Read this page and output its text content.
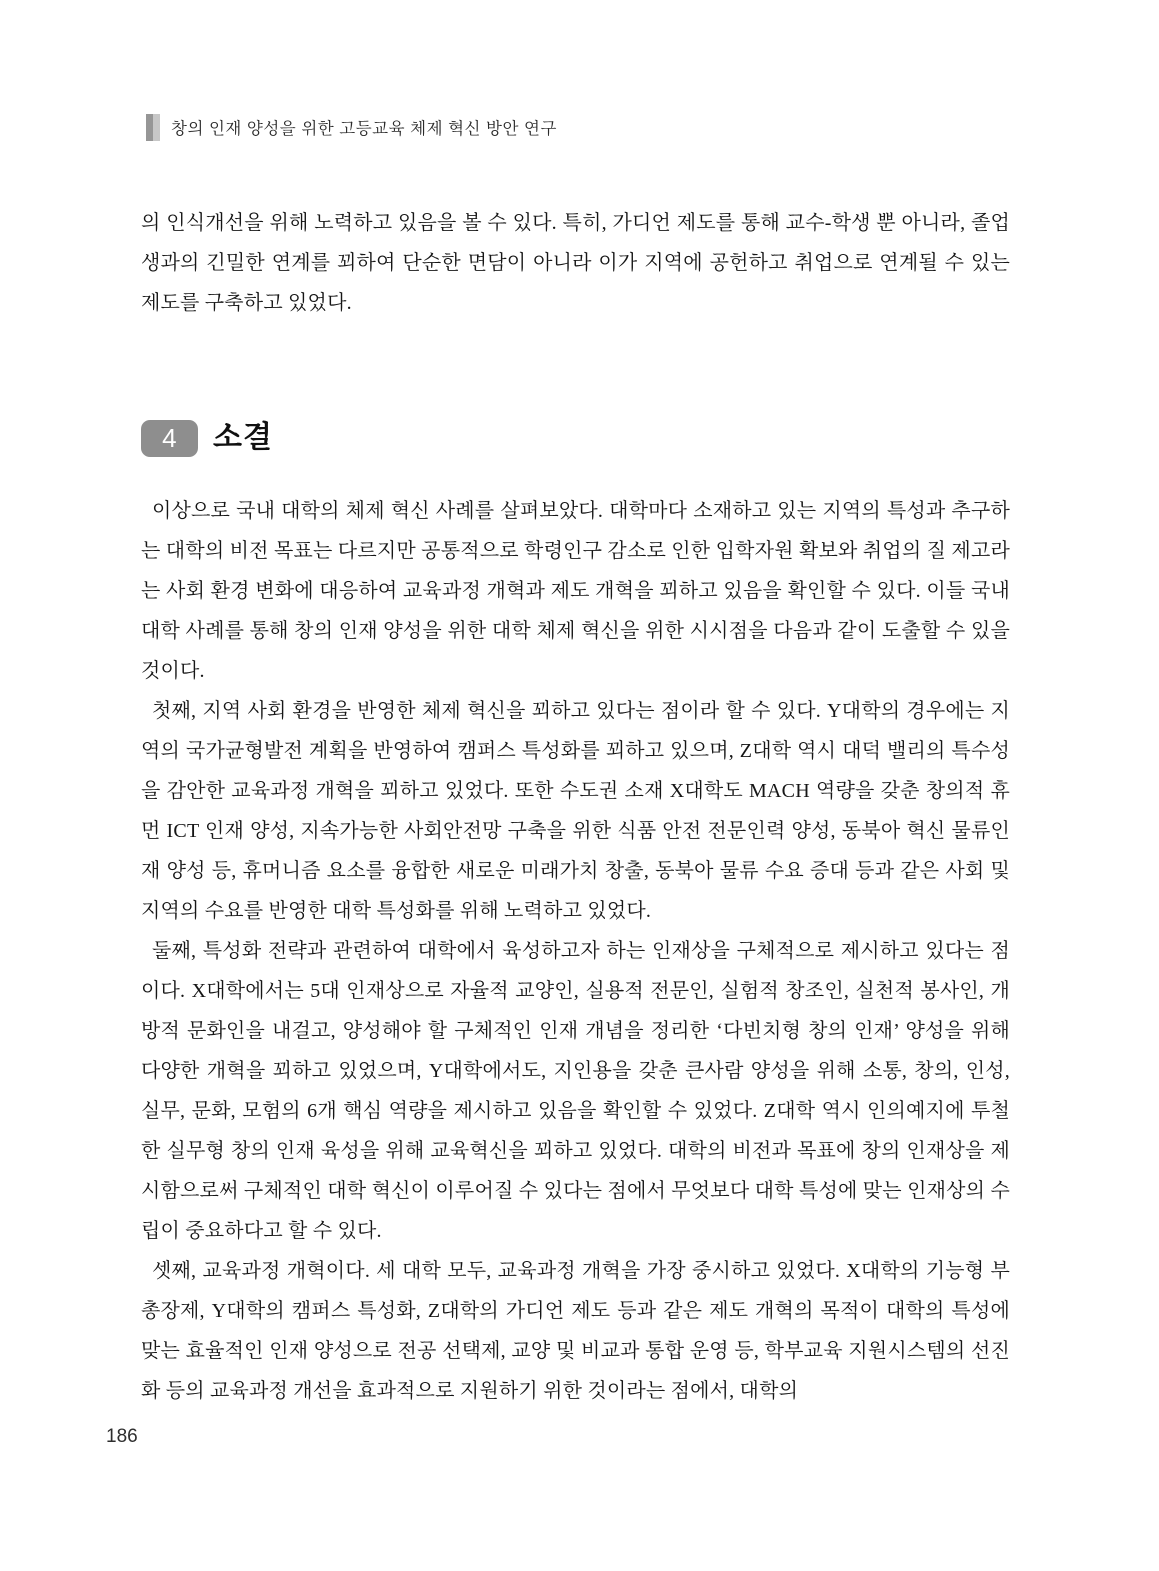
창의 인재 양성을 위한 고등교육 체제 혁신 방안 연구

의 인식개선을 위해 노력하고 있음을 볼 수 있다. 특히, 가디언 제도를 통해 교수-학생 뿐 아니라, 졸업생과의 긴밀한 연계를 꾀하여 단순한 면담이 아니라 이가 지역에 공헌하고 취업으로 연계될 수 있는 제도를 구축하고 있었다.

4	소결

이상으로 국내 대학의 체제 혁신 사례를 살펴보았다. 대학마다 소재하고 있는 지역의 특성과 추구하는 대학의 비전 목표는 다르지만 공통적으로 학령인구 감소로 인한 입학자원 확보와 취업의 질 제고라는 사회 환경 변화에 대응하여 교육과정 개혁과 제도 개혁을 꾀하고 있음을 확인할 수 있다. 이들 국내 대학 사례를 통해 창의 인재 양성을 위한 대학 체제 혁신을 위한 시시점을 다음과 같이 도출할 수 있을 것이다.

첫째, 지역 사회 환경을 반영한 체제 혁신을 꾀하고 있다는 점이라 할 수 있다. Y대학의 경우에는 지역의 국가균형발전 계획을 반영하여 캠퍼스 특성화를 꾀하고 있으며, Z대학 역시 대덕 밸리의 특수성을 감안한 교육과정 개혁을 꾀하고 있었다. 또한 수도권 소재 X대학도 MACH 역량을 갖춘 창의적 휴먼 ICT 인재 양성, 지속가능한 사회안전망 구축을 위한 식품 안전 전문인력 양성, 동북아 혁신 물류인재 양성 등, 휴머니즘 요소를 융합한 새로운 미래가치 창출, 동북아 물류 수요 증대 등과 같은 사회 및 지역의 수요를 반영한 대학 특성화를 위해 노력하고 있었다.

둘째, 특성화 전략과 관련하여 대학에서 육성하고자 하는 인재상을 구체적으로 제시하고 있다는 점이다. X대학에서는 5대 인재상으로 자율적 교양인, 실용적 전문인, 실험적 창조인, 실천적 봉사인, 개방적 문화인을 내걸고, 양성해야 할 구체적인 인재 개념을 정리한 ‘다빈치형 창의 인재’ 양성을 위해 다양한 개혁을 꾀하고 있었으며, Y대학에서도, 지인용을 갖춘 큰사람 양성을 위해 소통, 창의, 인성, 실무, 문화, 모험의 6개 핵심 역량을 제시하고 있음을 확인할 수 있었다. Z대학 역시 인의예지에 투철한 실무형 창의 인재 육성을 위해 교육혁신을 꾀하고 있었다. 대학의 비전과 목표에 창의 인재상을 제시함으로써 구체적인 대학 혁신이 이루어질 수 있다는 점에서 무엇보다 대학 특성에 맞는 인재상의 수립이 중요하다고 할 수 있다.

셋째, 교육과정 개혁이다. 세 대학 모두, 교육과정 개혁을 가장 중시하고 있었다. X대학의 기능형 부총장제, Y대학의 캠퍼스 특성화, Z대학의 가디언 제도 등과 같은 제도 개혁의 목적이 대학의 특성에 맞는 효율적인 인재 양성으로 전공 선택제, 교양 및 비교과 통합 운영 등, 학부교육 지원시스템의 선진화 등의 교육과정 개선을 효과적으로 지원하기 위한 것이라는 점에서, 대학의

186
